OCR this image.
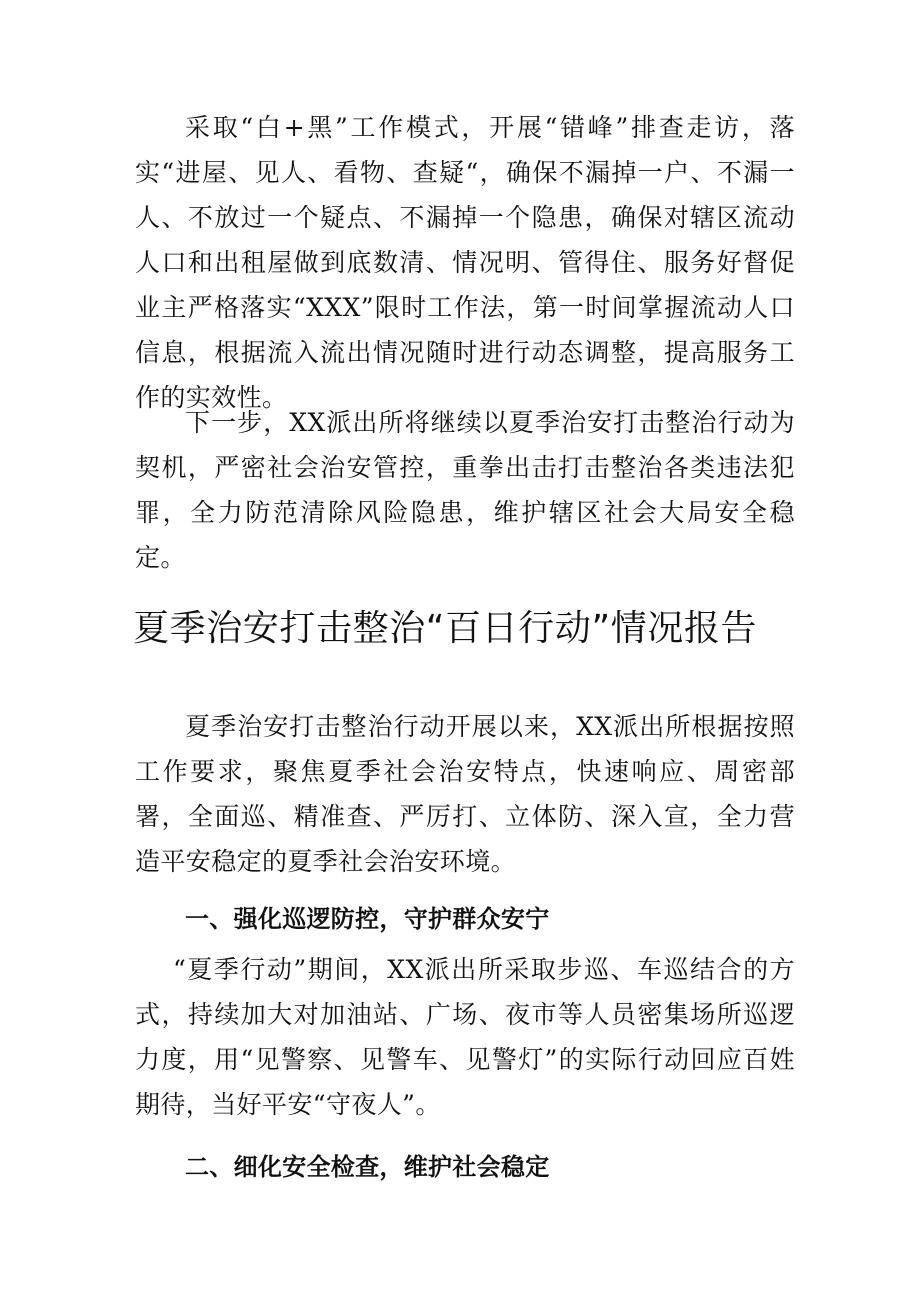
采取“白+黑”工作模式，开展“错峰”排查走访，落实“进屋、见人、看物、查疑“，确保不漏掉一户、不漏一人、不放过一个疑点、不漏掉一个隐患，确保对辖区流动人口和出租屋做到底数清、情况明、管得住、服务好督促业主严格落实“XXX”限时工作法，第一时间掌握流动人口信息，根据流入流出情况随时进行动态调整，提高服务工作的实效性。

下一步，XX派出所将继续以夏季治安打击整治行动为契机，严密社会治安管控，重拳出击打击整治各类违法犯罪，全力防范清除风险隐患，维护辖区社会大局安全稳定。

夏季治安打击整治“百日行动”情况报告

夏季治安打击整治行动开展以来，XX派出所根据按照工作要求，聚焦夏季社会治安特点，快速响应、周密部署，全面巡、精准查、严厉打、立体防、深入宣，全力营造平安稳定的夏季社会治安环境。

一、强化巡逻防控，守护群众安宁

“夏季行动”期间，XX派出所采取步巡、车巡结合的方式，持续加大对加油站、广场、夜市等人员密集场所巡逻力度，用“见警察、见警车、见警灯”的实际行动回应百姓期待，当好平安“守夜人”。

二、细化安全检查，维护社会稳定
